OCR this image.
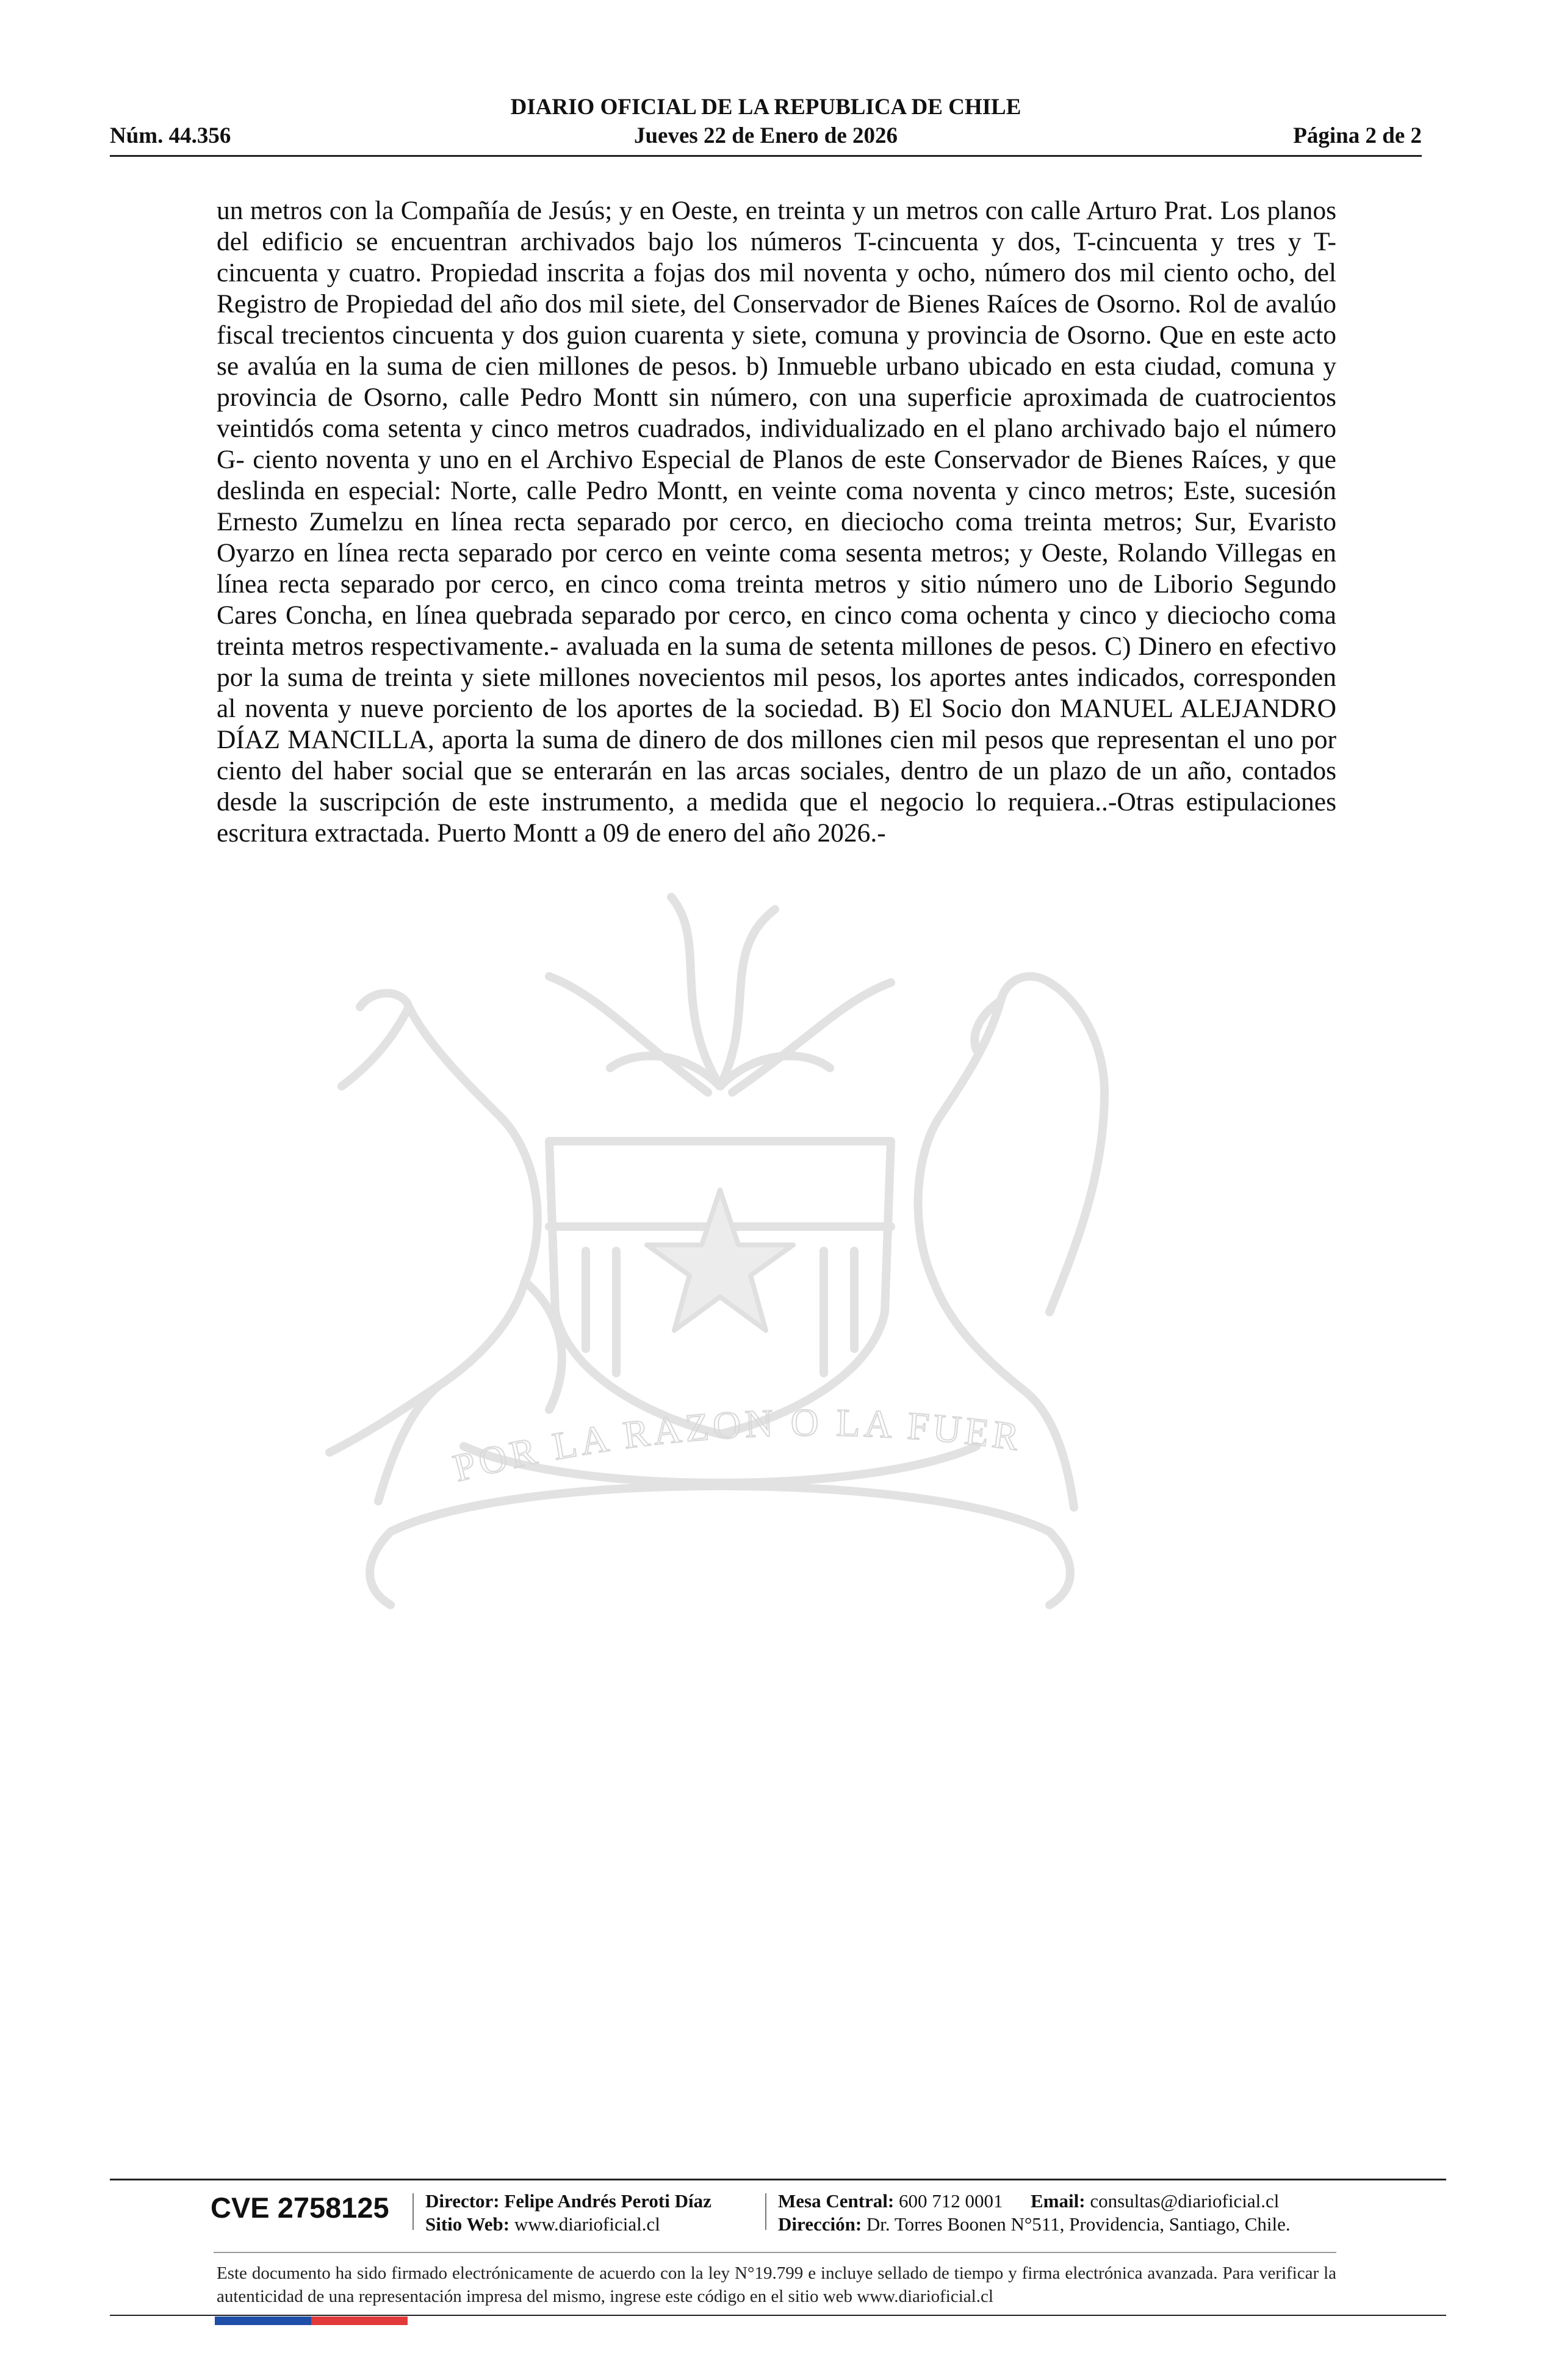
DIARIO OFICIAL DE LA REPUBLICA DE CHILE
Núm. 44.356	Jueves 22 de Enero de 2026	Página 2 de 2
POR LA RAZON O LA FUER

un metros con la Compañía de Jesús; y en Oeste, en treinta y un metros con calle Arturo Prat. Los planos del edificio se encuentran archivados bajo los números T-cincuenta y dos, T-cincuenta y tres y T-cincuenta y cuatro. Propiedad inscrita a fojas dos mil noventa y ocho, número dos mil ciento ocho, del Registro de Propiedad del año dos mil siete, del Conservador de Bienes Raíces de Osorno. Rol de avalúo fiscal trecientos cincuenta y dos guion cuarenta y siete, comuna y provincia de Osorno. Que en este acto se avalúa en la suma de cien millones de pesos. b) Inmueble urbano ubicado en esta ciudad, comuna y provincia de Osorno, calle Pedro Montt sin número, con una superficie aproximada de cuatrocientos veintidós coma setenta y cinco metros cuadrados, individualizado en el plano archivado bajo el número G- ciento noventa y uno en el Archivo Especial de Planos de este Conservador de Bienes Raíces, y que deslinda en especial: Norte, calle Pedro Montt, en veinte coma noventa y cinco metros; Este, sucesión Ernesto Zumelzu en línea recta separado por cerco, en dieciocho coma treinta metros; Sur, Evaristo Oyarzo en línea recta separado por cerco en veinte coma sesenta metros; y Oeste, Rolando Villegas en línea recta separado por cerco, en cinco coma treinta metros y sitio número uno de Liborio Segundo Cares Concha, en línea quebrada separado por cerco, en cinco coma ochenta y cinco y dieciocho coma treinta metros respectivamente.- avaluada en la suma de setenta millones de pesos. C) Dinero en efectivo por la suma de treinta y siete millones novecientos mil pesos, los aportes antes indicados, corresponden al noventa y nueve porciento de los aportes de la sociedad. B) El Socio don MANUEL ALEJANDRO DÍAZ MANCILLA, aporta la suma de dinero de dos millones cien mil pesos que representan el uno por ciento del haber social que se enterarán en las arcas sociales, dentro de un plazo de un año, contados desde la suscripción de este instrumento, a medida que el negocio lo requiera..-Otras estipulaciones escritura extractada. Puerto Montt a 09 de enero del año 2026.-

CVE 2758125	Director: Felipe Andrés Peroti Díaz
Sitio Web: www.diarioficial.cl
Mesa Central: 600 712 0001 Email: consultas@diarioficial.cl
Dirección: Dr. Torres Boonen N°511, Providencia, Santiago, Chile.
Este documento ha sido firmado electrónicamente de acuerdo con la ley N°19.799 e incluye sellado de tiempo y firma electrónica avanzada. Para verificar la autenticidad de una representación impresa del mismo, ingrese este código en el sitio web www.diarioficial.cl
